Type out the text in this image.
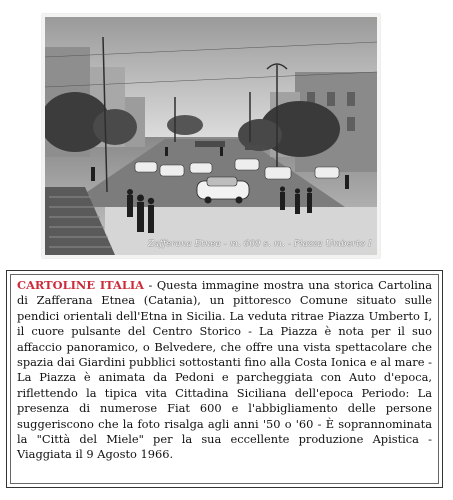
Zafferana Etnea - m. 600 s. m. - Piazza Umberto I

CARTOLINE ITALIA - Questa immagine mostra una storica Cartolina di Zafferana Etnea (Catania), un pittoresco Comune situato sulle pendici orientali dell'Etna in Sicilia. La veduta ritrae Piazza Umberto I, il cuore pulsante del Centro Storico - La Piazza è nota per il suo affaccio panoramico, o Belvedere, che offre una vista spettacolare che spazia dai Giardini pubblici sottostanti fino alla Costa Ionica e al mare - La Piazza è animata da Pedoni e parcheggiata con Auto d'epoca, riflettendo la tipica vita Cittadina Siciliana dell'epoca Periodo: La presenza di numerose Fiat 600 e l'abbigliamento delle persone suggeriscono che la foto risalga agli anni '50 o '60 - È soprannominata la "Città del Miele" per la sua eccellente produzione Apistica - Viaggiata il 9 Agosto 1966.
